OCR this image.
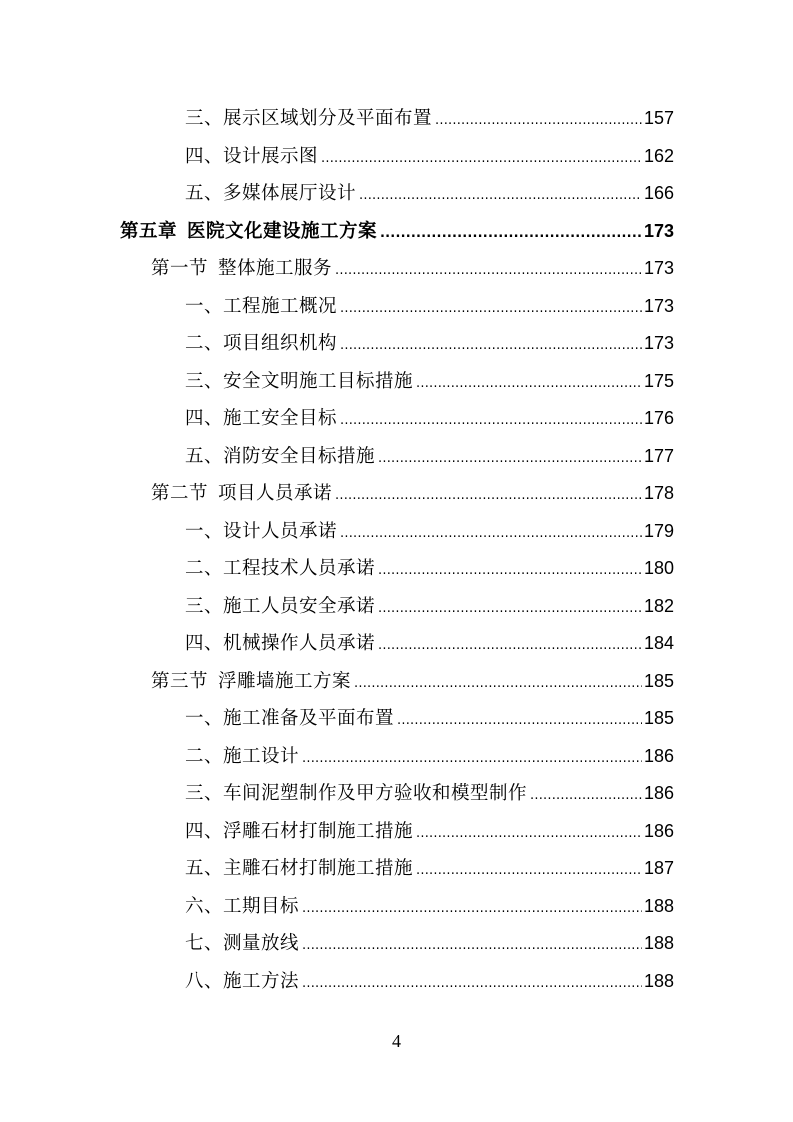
三、展示区域划分及平面布置 .....	157
四、设计展示图 .....	162
五、多媒体展厅设计 .....	166
第五章 医院文化建设施工方案 .....	173
第一节 整体施工服务 .....	173
一、工程施工概况 .....	173
二、项目组织机构 .....	173
三、安全文明施工目标措施 .....	175
四、施工安全目标 .....	176
五、消防安全目标措施 .....	177
第二节 项目人员承诺 .....	178
一、设计人员承诺 .....	179
二、工程技术人员承诺 .....	180
三、施工人员安全承诺 .....	182
四、机械操作人员承诺 .....	184
第三节 浮雕墙施工方案 .....	185
一、施工准备及平面布置 .....	185
二、施工设计 .....	186
三、车间泥塑制作及甲方验收和模型制作 .....	186
四、浮雕石材打制施工措施 .....	186
五、主雕石材打制施工措施 .....	187
六、工期目标 .....	188
七、测量放线 .....	188
八、施工方法 .....	188
4
